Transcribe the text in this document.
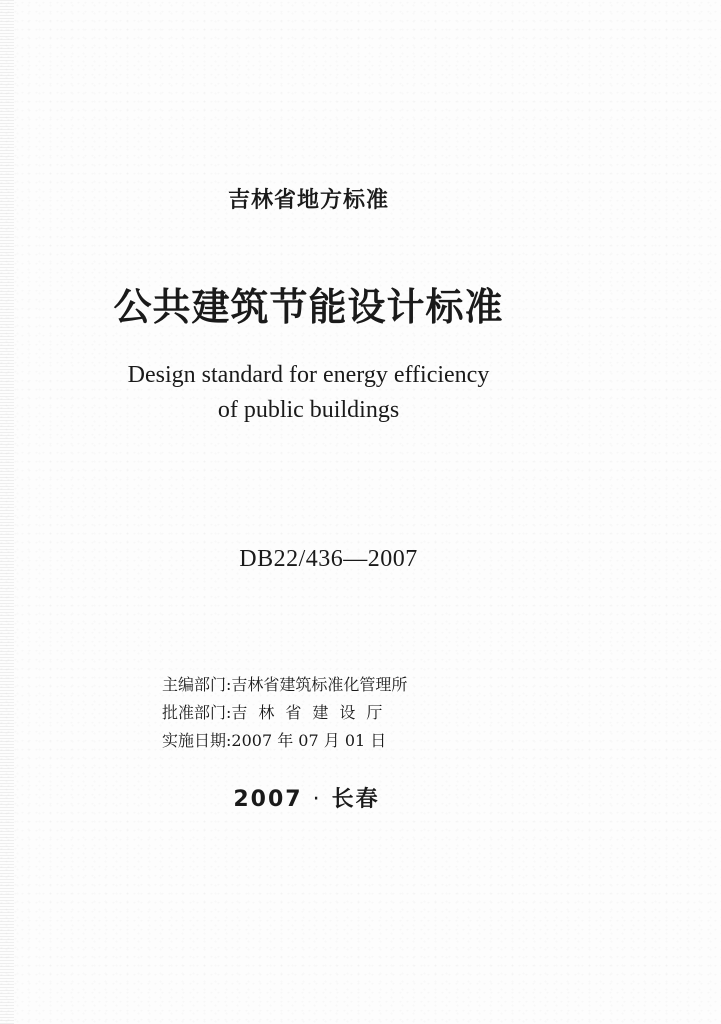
吉林省地方标准
公共建筑节能设计标准
Design standard for energy efficiency
of public buildings
DB22/436—2007
主编部门:吉林省建筑标准化管理所
批准部门:吉林省建设厅
实施日期:2007 年 07 月 01 日
2007 · 长春
